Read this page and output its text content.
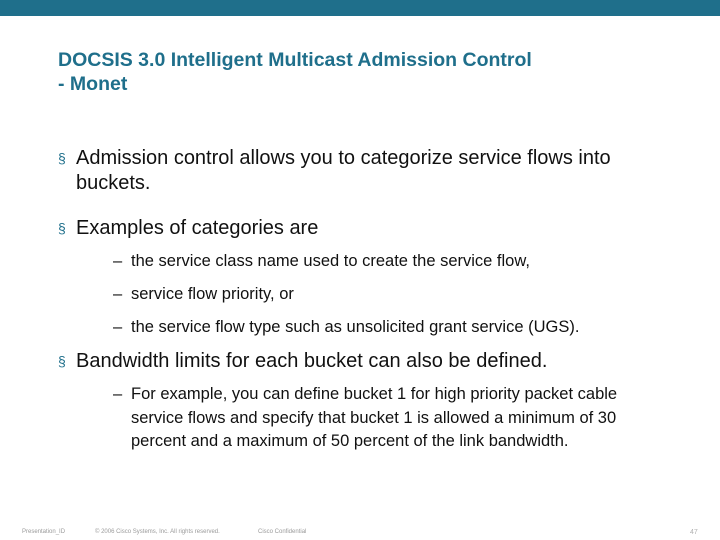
DOCSIS 3.0 Intelligent Multicast Admission Control
- Monet
§ Admission control allows you to categorize service flows into buckets.
§ Examples of categories are
– the service class name used to create the service flow,
– service flow priority, or
– the service flow type such as unsolicited grant service (UGS).
§ Bandwidth limits for each bucket can also be defined.
– For example, you can define bucket 1 for high priority packet cable service flows and specify that bucket 1 is allowed a minimum of 30 percent and a maximum of 50 percent of the link bandwidth.
Presentation_ID	© 2006 Cisco Systems, Inc. All rights reserved.	Cisco Confidential	47
